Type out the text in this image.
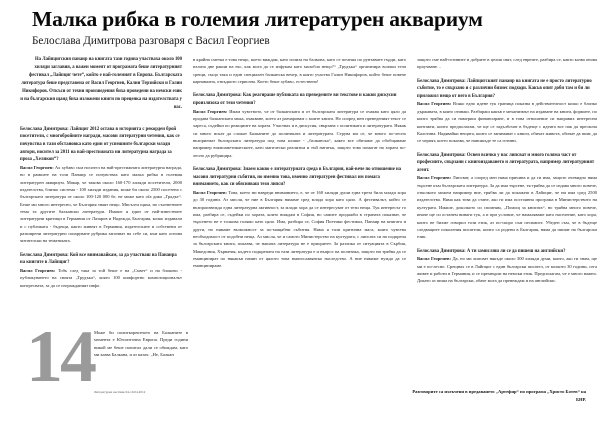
Малка рибка в големия литературен аквариум
Белослава Димитрова разговаря с Васил Георгиев

На Лайпцигския панаир на книгата тази година участваха около 100 хиляди заглавия, а важен момент от програмата беше литературният фестивал „Лайпциг чете“, който е най-големият в Европа. Българската литература беше представена от Васил Георгиев, Калин Терзийски и Галин Никифоров. Откъси от техни произведения биха проведени на немски език и на българския щанд биха изложени книги по преценка на издателствата у нас.

Белослава Димитрова: Лайпциг 2012 остава в историята с рекорден брой посетители, с многобройните награди, масови литературни четения, как се почувства в тази обстановка като един от успешните български млади автори, носител за 2011 на най-престижната ни литературна награда за проза „Хеликон“?

Васил Георгиев: Ах хубаво съм носител на най-престижната литературна награда, но в рамките на този Панаир се почувствах като малка рибка в големия литературен аквариум. Макар, че такова около 160-170 хиляди посетители, 2000 издателства, близко система - 100 хиляди издания, може би около 2500 посетена с българската литература от около 100-120 000 бе, не може като ofa дика „Градът“. Беше ми много интересно, че България знаят нещо. Мисълта щяха, но съответните тема та другите балкански литератури. Имаше я един от най-известните литературни критици в Германия от Лазаров и Надежда, България, колко издавали и с публиката - бъдещи, както живеят в Германия, издателските и собствени от разширени литературно пазаруване рубрика започват на себе си, към като основа читателски на тематиката.

Белослава Димитрова: Кой все внимавайкам, за да участваш на Панаира на книгите в Лайпциг?

Васил Георгиев: Тобъ след така за той беше е на „Съвет“ и на блоково - публикуването на своята „Трудъка“, която 100 комфортно композиционалът конгресната, за да се изгражданият инфо.

в крайна сметка е това нещо, което виждам, като излиза на балкона, като се почеша по рунтавите гърди, като излиза две ракии на екс, как мога да се изфукам като малобла нещо?“ „Трудъка“ организира всички тези срещи, също така и един специален балканска вечер, в която участва Галин Никифоров, който беше повече карнавална, откъдкото сериозна. Което беше хубаво, естествено!

Белослава Димитрова: Как реагираше публиката на преведените ви текстове и какви дискусии произлязоха от тези четения?

Васил Георгиев: Имам чувството, че от балканската и от българската литература се очаква като цяло да продава балканската мъка, очакване, което аз разчаровам с моите книги. Но според мен преведеният текст се хареса, съдейки по реакциите на хората. Участвах и в дискусия, свързана с политиката и литературата. Някак си много искат да сложат Балканите до политиката и литературата. Струва ми се, че много по-лесно възприемат българската литература под това клише - „балканска“, както все обичаме да обобщаваме например южноаметикатските, като магически реализъм и тъй нататък, защото това помагат на хората по-лесно да рубрицира.

Белослава Димитрова: Знаем какво е литературната среда в България, най-вече по отношение на масови литературни събития, но именно това, именно литературен фестивал им помага вниманието, как си обясняваш тези липси?

Васил Георгиев: Това, което ни навреди вниманието, е, че от 160 хиляди души една трета била млади хора до 30 години. Аз мисля, че ние в България нямаме сред млада хора като цяло. А фестивалът, който се възпроизвежда една литературна активност, за млади хора да се интересуват от тези неща. Тук интересът го има, разбира се, съдейки по хората, които виждам в София, но самите продажби в страната показват, че търсенето не е толкова голямо като цяло. Има, разбира се, София Поетики фестивал, Панаир на книгата и други, но нямаме възможност за по-мащабни събития. Няма я тази критична маса, която чувства необходимост от подобни неща. Аз мисля, че и самото Министерство на културата, с липсата си на подкрепа за българската книга, показва, че нашата литература не е приоритет. За разлика от ситуацията в Сърбия, Македония, Хърватия, където подкрепата на тази литература е и въпрос на политика, защото ни трябва да се еманципират по някакъв начин от цялото това южнославянско наследство. А ние нямаме нужда да се еманципираме.

защото сме най-готините и добрите в целия свят, след евреите, разбира се, както казва онова проучване…

Белослава Димитрова: Лайпцигският панаир на книгата не е просто литературно събитие, то е свързано и с различни бизнес подходи. Какъв опит доби там и би ли приложил нещо от него в България?

Васил Георгиев: Всяко едно идене тук граница показва в действителност колко е близко държавата, в която отиваш. Разбираш какъв е механизмът на издаване на книги, формите, по които трябва да си намериш финансиране, и в това отношение си направих интересни контакти, които предполагам, че ще се задълбочат в бъдеще с идеята все пак да прескоча Калотина. Надявайки нещата, които се занимават с книги, обичат живота, обичат да пият, да се черпят, което показва, че навсякъде те са готини.

Белослава Димитрова: Освен всичко у нас липсват и много голяма част от професиите, свързани с книгоиздаването и литературата, например литературният агент.

Васил Георгиев: Липсват, а според мен няма причина и да ги има, защото очевидно няма търсене към българската литература. За да има търсене, тя трябва да се издава много повече, отколкото можем например ние, трябва ли да покажеш в Лайпциг, че ни има сред 2500 издателства. Няма как това да стане, ако ги има постоянна програма в Министерството на културата. Имаше, доколкото си спомням, „Помощ за книгата“, но трябва много повече, иначе ще си останем винаги тук, а и при условие, че намаляваме като население, като хора, които не бихме говорил този език, аз по-скоро съм песимист. Убеден съм, че в бъдеще следващите поколения писатели, които са родени в България, няма да пишат на български език.

Белослава Димитрова: А ти замисляш ли се да пишеш на английски?

Васил Георгиев: Да, но ми липсват някъде около 300 хиляди думи, които, ако ги знам, ще ми е по-лесно. Срещнах се в Лайпциг с един български писател, от колкото 30 години, сега живее и работи в Германия, и се прехвърли на немски език. Предполагам, че е много важно. Докато аз пиша на български, обаче мога да превеждам и на английски.

14 Може би политкоректното на Балканите в момента е Югоизточна Европа. Преди години никой ме беше попитал дали се обиждам, като ми казва Балкана, и аз казах: „Не, Балкан
Литературен вестник 04-10.04.2012	Разговорите са излъчени в предаването „Артефир“ по програма „Христо Ботев“ на БНР.
